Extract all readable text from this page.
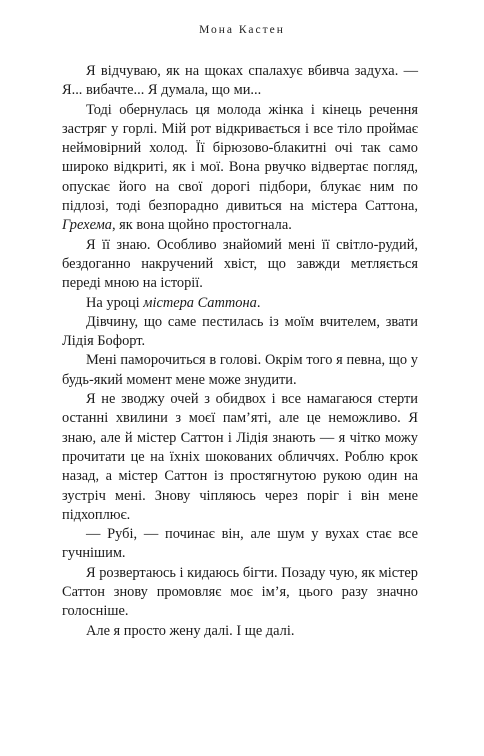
Мона Кастен

Я відчуваю, як на щоках спалахує вбивча задуха. — Я... вибачте... Я думала, що ми...

Тоді обернулась ця молода жінка і кінець речення застряг у горлі. Мій рот відкривається і все тіло проймає неймовірний холод. Її бірюзово-блакитні очі так само широко відкриті, як і мої. Вона рвучко відвертає погляд, опускає його на свої дорогі підбори, блукає ним по підлозі, тоді безпорадно дивиться на містера Саттона, Грехема, як вона щойно простогнала.

Я її знаю. Особливо знайомий мені її світло-рудий, бездоганно накручений хвіст, що завжди метляється переді мною на історії.

На уроці містера Саттона.

Дівчину, що саме пестилась із моїм вчителем, звати Лідія Бофорт.

Мені паморочиться в голові. Окрім того я певна, що у будь-який момент мене може знудити.

Я не зводжу очей з обидвох і все намагаюся стерти останні хвилини з моєї пам’яті, але це неможливо. Я знаю, але й містер Саттон і Лідія знають — я чітко можу прочитати це на їхніх шокованих обличчях. Роблю крок назад, а містер Саттон із простягнутою рукою один на зустріч мені. Знову чіпляюсь через поріг і він мене підхоплює.

— Рубі, — починає він, але шум у вухах стає все гучнішим.

Я розвертаюсь і кидаюсь бігти. Позаду чую, як містер Саттон знову промовляє моє ім’я, цього разу значно голосніше.

Але я просто жену далі. І ще далі.
